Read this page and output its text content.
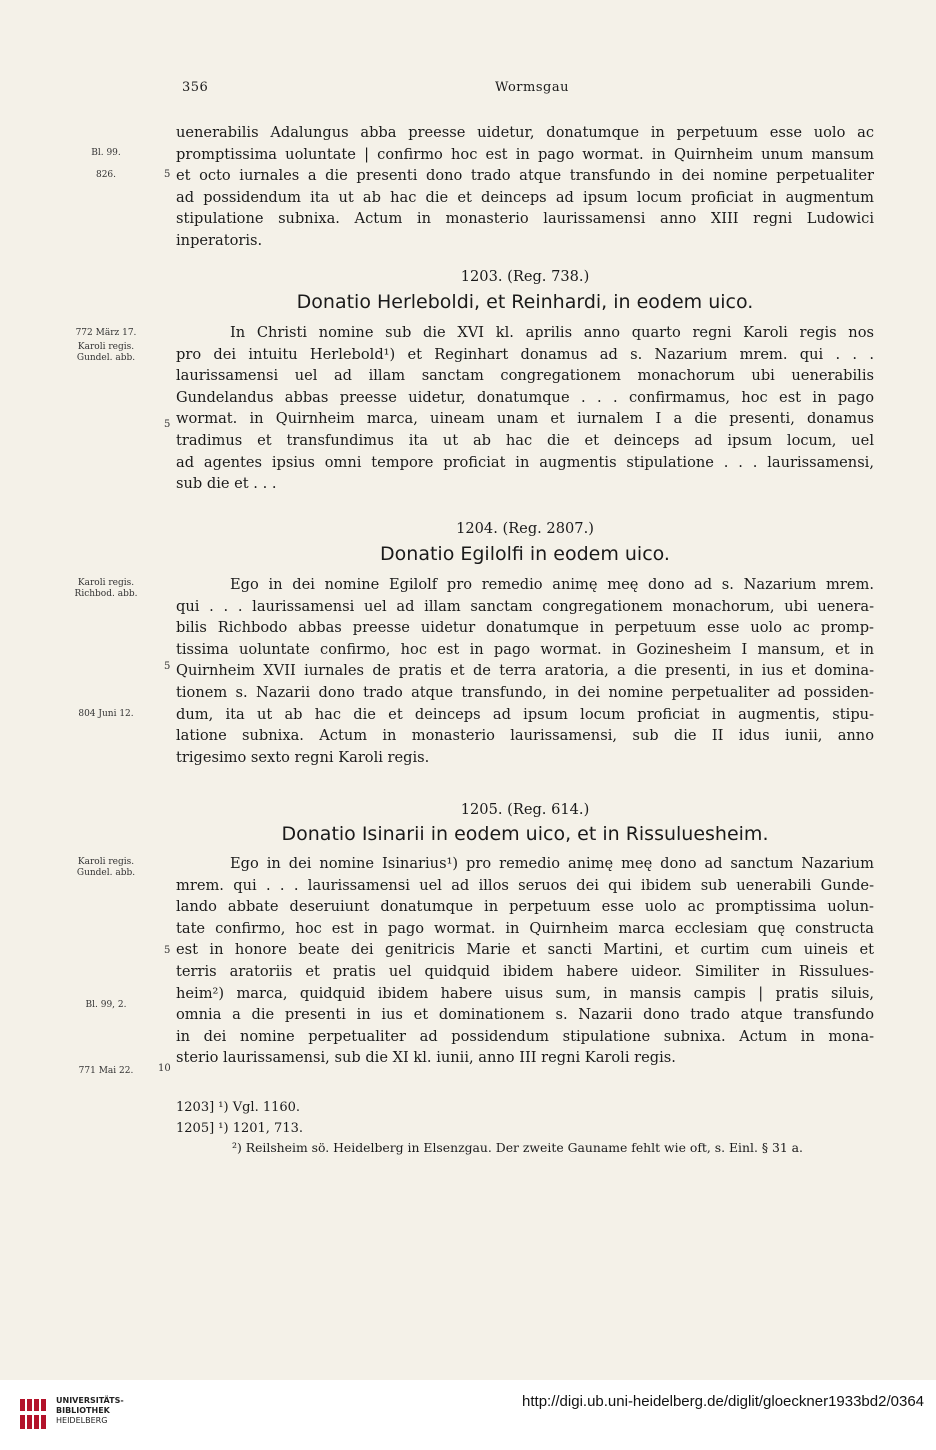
356	Wormsgau
Bl. 99.
826.	5
uenerabilis Adalungus abba preesse uidetur, donatumque in perpetuum esse uolo ac
promptissima uoluntate | confirmo hoc est in pago wormat. in Quirnheim unum mansum
et octo iurnales a die presenti dono trado atque transfundo in dei nomine perpetualiter
ad possidendum ita ut ab hac die et deinceps ad ipsum locum proficiat in augmentum
stipulatione subnixa. Actum in monasterio laurissamensi anno XIII regni Ludowici
inperatoris.
1203. (Reg. 738.)
Donatio Herleboldi, et Reinhardi, in eodem uico.
772 März 17.
Karoli regis. Gundel. abb.
5
In Christi nomine sub die XVI kl. aprilis anno quarto regni Karoli regis nos
pro dei intuitu Herlebold¹) et Reginhart donamus ad s. Nazarium mrem. qui . . .
laurissamensi uel ad illam sanctam congregationem monachorum ubi uenerabilis
Gundelandus abbas preesse uidetur, donatumque . . . confirmamus, hoc est in pago
wormat. in Quirnheim marca, uineam unam et iurnalem I a die presenti, donamus
tradimus et transfundimus ita ut ab hac die et deinceps ad ipsum locum, uel
ad agentes ipsius omni tempore proficiat in augmentis stipulatione . . . laurissamensi,
sub die et . . .
1204. (Reg. 2807.)
Donatio Egilolfi in eodem uico.
Karoli regis. Richbod. abb.
804 Juni 12.
5
Ego in dei nomine Egilolf pro remedio animę meę dono ad s. Nazarium mrem.
qui . . . laurissamensi uel ad illam sanctam congregationem monachorum, ubi uenera-
bilis Richbodo abbas preesse uidetur donatumque in perpetuum esse uolo ac promp-
tissima uoluntate confirmo, hoc est in pago wormat. in Gozinesheim I mansum, et in
Quirnheim XVII iurnales de pratis et de terra aratoria, a die presenti, in ius et domina-
tionem s. Nazarii dono trado atque transfundo, in dei nomine perpetualiter ad possiden-
dum, ita ut ab hac die et deinceps ad ipsum locum proficiat in augmentis, stipu-
latione subnixa. Actum in monasterio laurissamensi, sub die II idus iunii, anno
trigesimo sexto regni Karoli regis.
1205. (Reg. 614.)
Donatio Isinarii in eodem uico, et in Rissuluesheim.
Karoli regis. Gundel. abb.
Bl. 99, 2.
771 Mai 22.
5
10
Ego in dei nomine Isinarius¹) pro remedio animę meę dono ad sanctum Nazarium
mrem. qui . . . laurissamensi uel ad illos seruos dei qui ibidem sub uenerabili Gunde-
lando abbate deseruiunt donatumque in perpetuum esse uolo ac promptissima uolun-
tate confirmo, hoc est in pago wormat. in Quirnheim marca ecclesiam quę constructa
est in honore beate dei genitricis Marie et sancti Martini, et curtim cum uineis et
terris aratoriis et pratis uel quidquid ibidem habere uideor. Similiter in Rissulues-
heim²) marca, quidquid ibidem habere uisus sum, in mansis campis | pratis siluis,
omnia a die presenti in ius et dominationem s. Nazarii dono trado atque transfundo
in dei nomine perpetualiter ad possidendum stipulatione subnixa. Actum in mona-
sterio laurissamensi, sub die XI kl. iunii, anno III regni Karoli regis.
1203] ¹) Vgl. 1160.
1205] ¹) 1201, 713.
²) Reilsheim sö. Heidelberg in Elsenzgau. Der zweite Gauname fehlt wie oft, s. Einl. § 31 a.
UNIVERSITÄTS-
BIBLIOTHEK
HEIDELBERG
http://digi.ub.uni-heidelberg.de/diglit/gloeckner1933bd2/0364
